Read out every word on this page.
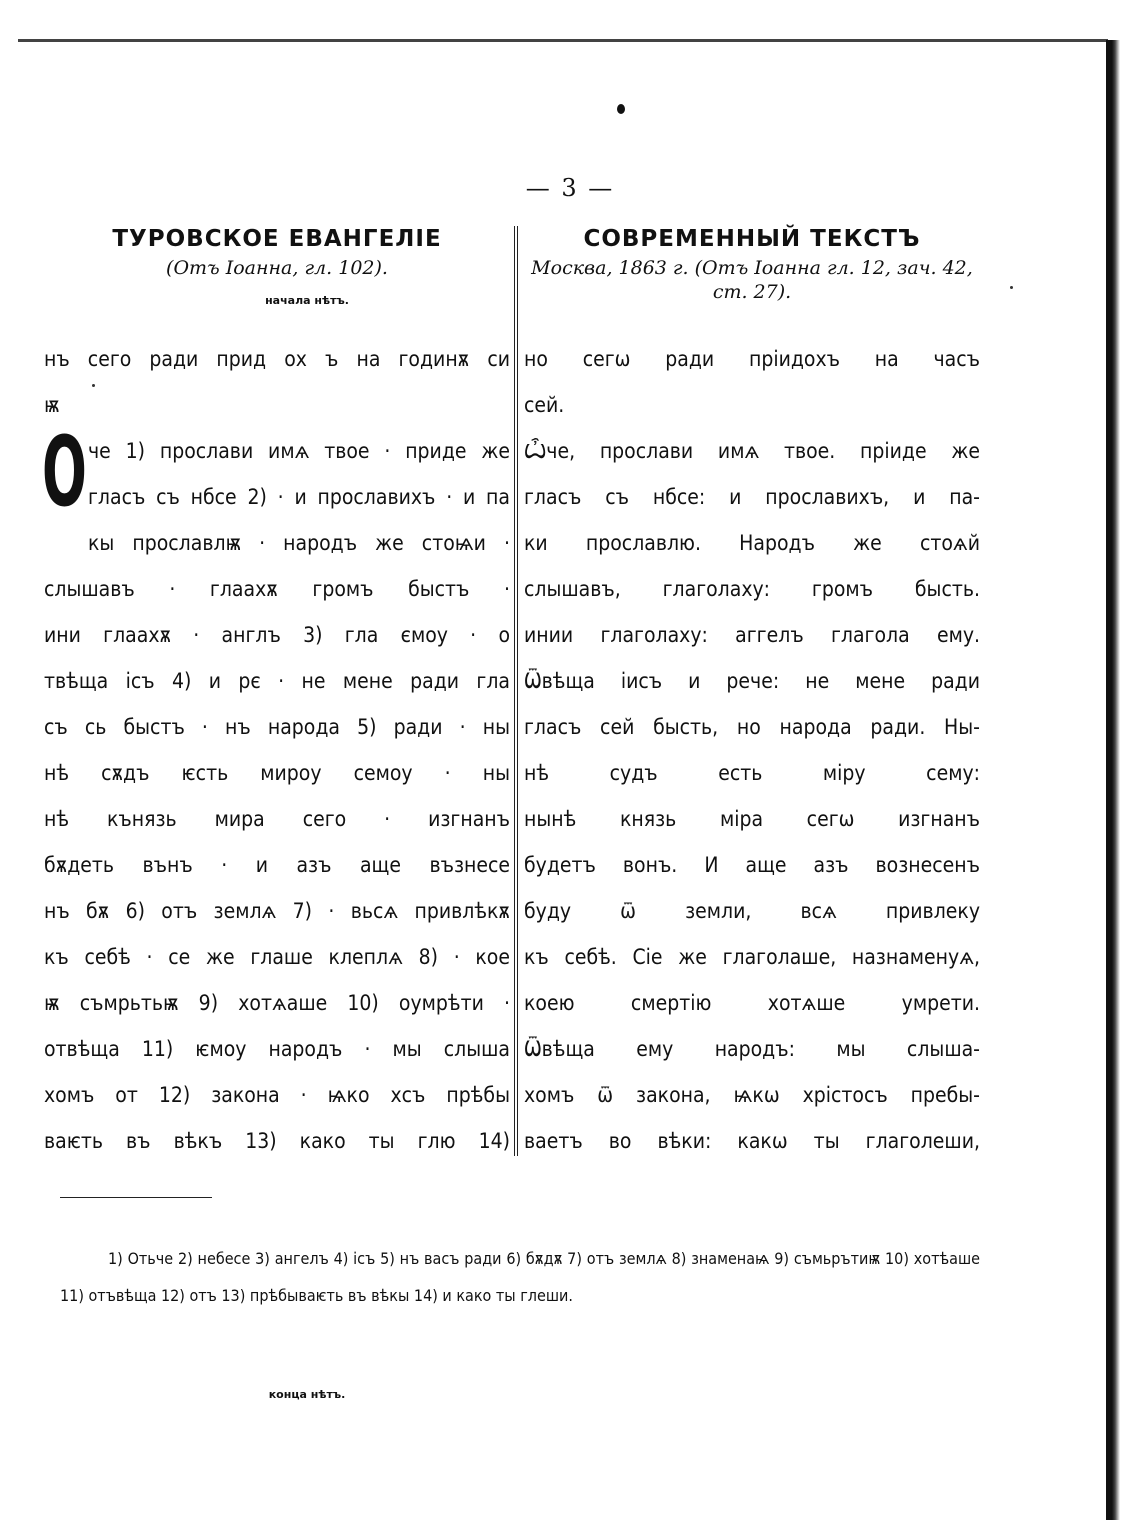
— 3 —
ТУРОВСКОЕ ЕВАНГЕЛІЕ

(Отъ Іоанна, гл. 102).

начала нѣтъ.
О
нъ сего ради прид ох ъ на годинѫ си
ѭ
че 1) прослави имѧ твое · приде же
гласъ съ нбсе 2) · и прославихъ · и па
кы прославлѭ · народъ же стоѩи ·
слышавъ · глаахѫ громъ быстъ ·
ини глаахѫ · англъ 3) гла ємоу · о
твѣща ісъ 4) и рє · не мене ради гла
съ сь быстъ · нъ народа 5) ради · ны
нѣ сѫдъ ѥсть мироу семоу · ны
нѣ кънязь мира сего · изгнанъ
бѫдеть вънъ · и азъ аще възнесе
нъ бѫ 6) отъ землѧ 7) · вьсѧ привлѣкѫ
къ себѣ · се же глаше клеплѧ 8) · кое
ѭ съмрьтьѭ 9) хотѧаше 10) оумрѣти ·
отвѣща 11) ѥмоу народъ · мы слыша
хомъ от 12) закона · ѩко хсъ прѣбы
ваѥть въ вѣкъ 13) како ты глю 14)
конца нѣтъ.
СОВРЕМЕННЫЙ ТЕКСТЪ

Москва, 1863 г. (Отъ Іоанна гл. 12, зач. 42,

ст. 27).

но сегѡ ради пріидохъ на часъ
сей.
Ѽче, прослави имѧ твое. пріиде же
гласъ съ нбсе: и прославихъ, и па-
ки прославлю. Народъ же стоѧй
слышавъ, глаголаху: громъ бысть.
инии глаголаху: аггелъ глагола ему.
Ѿвѣща іисъ и рече: не мене ради
гласъ сей бысть, но народа ради. Ны-
нѣ судъ есть міру сему:
нынѣ князь міра сегѡ изгнанъ
будетъ вонъ. И аще азъ вознесенъ
буду ѿ земли, всѧ привлеку
къ себѣ. Сіе же глаголаше, назнаменуѧ,
коею смертію хотѧше умрети.
Ѿвѣща ему народъ: мы слыша-
хомъ ѿ закона, ѩкѡ хрістосъ пребы-
ваетъ во вѣки: какѡ ты глаголеши,
1) Отьче 2) небесе 3) ангелъ 4) ісъ 5) нъ васъ ради 6) бѫдѫ 7) отъ землѧ 8) знаменаѩ 9) съмьрътиѭ 10) хотѣаше 11) отъвѣща 12) отъ 13) прѣбываѥть въ вѣкы 14) и како ты глеши.
